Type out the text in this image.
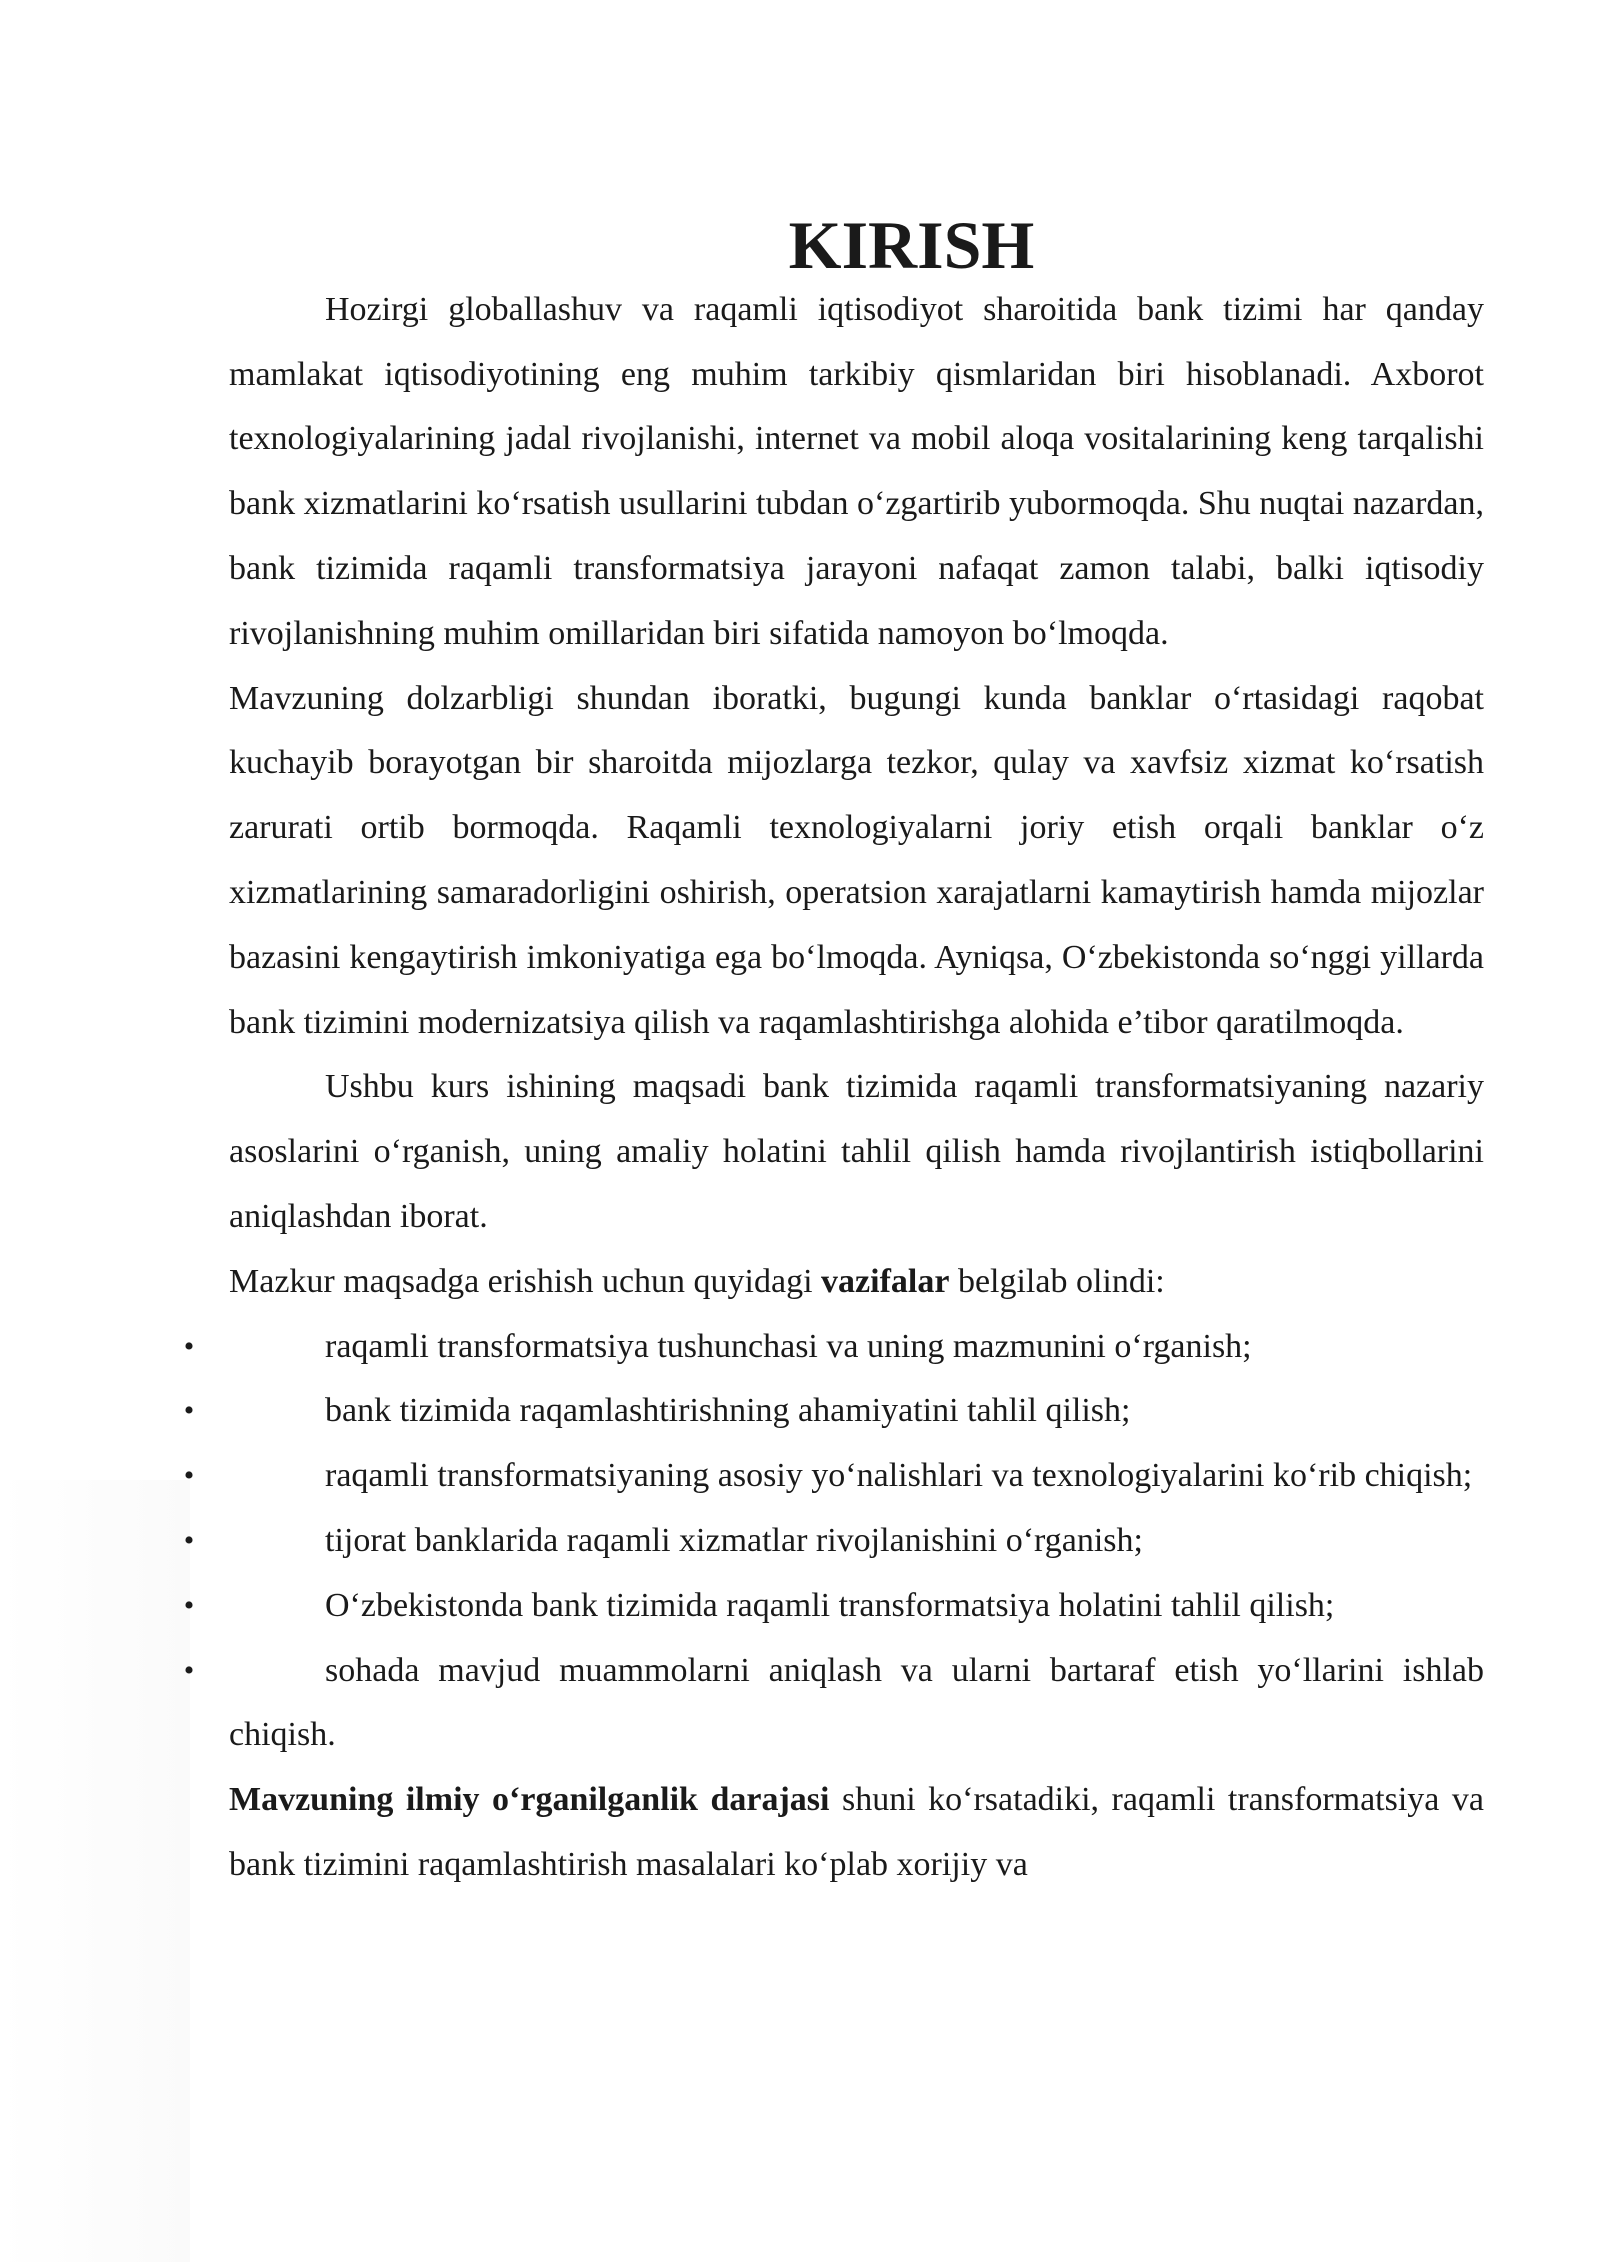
KIRISH

Hozirgi globallashuv va raqamli iqtisodiyot sharoitida bank tizimi har qanday mamlakat iqtisodiyotining eng muhim tarkibiy qismlaridan biri hisoblanadi. Axborot texnologiyalarining jadal rivojlanishi, internet va mobil aloqa vositalarining keng tarqalishi bank xizmatlarini ko‘rsatish usullarini tubdan o‘zgartirib yubormoqda. Shu nuqtai nazardan, bank tizimida raqamli transformatsiya jarayoni nafaqat zamon talabi, balki iqtisodiy rivojlanishning muhim omillaridan biri sifatida namoyon bo‘lmoqda.

Mavzuning dolzarbligi shundan iboratki, bugungi kunda banklar o‘rtasidagi raqobat kuchayib borayotgan bir sharoitda mijozlarga tezkor, qulay va xavfsiz xizmat ko‘rsatish zarurati ortib bormoqda. Raqamli texnologiyalarni joriy etish orqali banklar o‘z xizmatlarining samaradorligini oshirish, operatsion xarajatlarni kamaytirish hamda mijozlar bazasini kengaytirish imkoniyatiga ega bo‘lmoqda. Ayniqsa, O‘zbekistonda so‘nggi yillarda bank tizimini modernizatsiya qilish va raqamlashtirishga alohida e’tibor qaratilmoqda.

Ushbu kurs ishining maqsadi bank tizimida raqamli transformatsiyaning nazariy asoslarini o‘rganish, uning amaliy holatini tahlil qilish hamda rivojlantirish istiqbollarini aniqlashdan iborat.

Mazkur maqsadga erishish uchun quyidagi vazifalar belgilab olindi:

•	raqamli transformatsiya tushunchasi va uning mazmunini o‘rganish;
•	bank tizimida raqamlashtirishning ahamiyatini tahlil qilish;
•	raqamli transformatsiyaning asosiy yo‘nalishlari va texnologiyalarini ko‘rib chiqish;
•	tijorat banklarida raqamli xizmatlar rivojlanishini o‘rganish;
•	O‘zbekistonda bank tizimida raqamli transformatsiya holatini tahlil qilish;
•	sohada mavjud muammolarni aniqlash va ularni bartaraf etish yo‘llarini ishlab chiqish.

Mavzuning ilmiy o‘rganilganlik darajasi shuni ko‘rsatadiki, raqamli transformatsiya va bank tizimini raqamlashtirish masalalari ko‘plab xorijiy va
